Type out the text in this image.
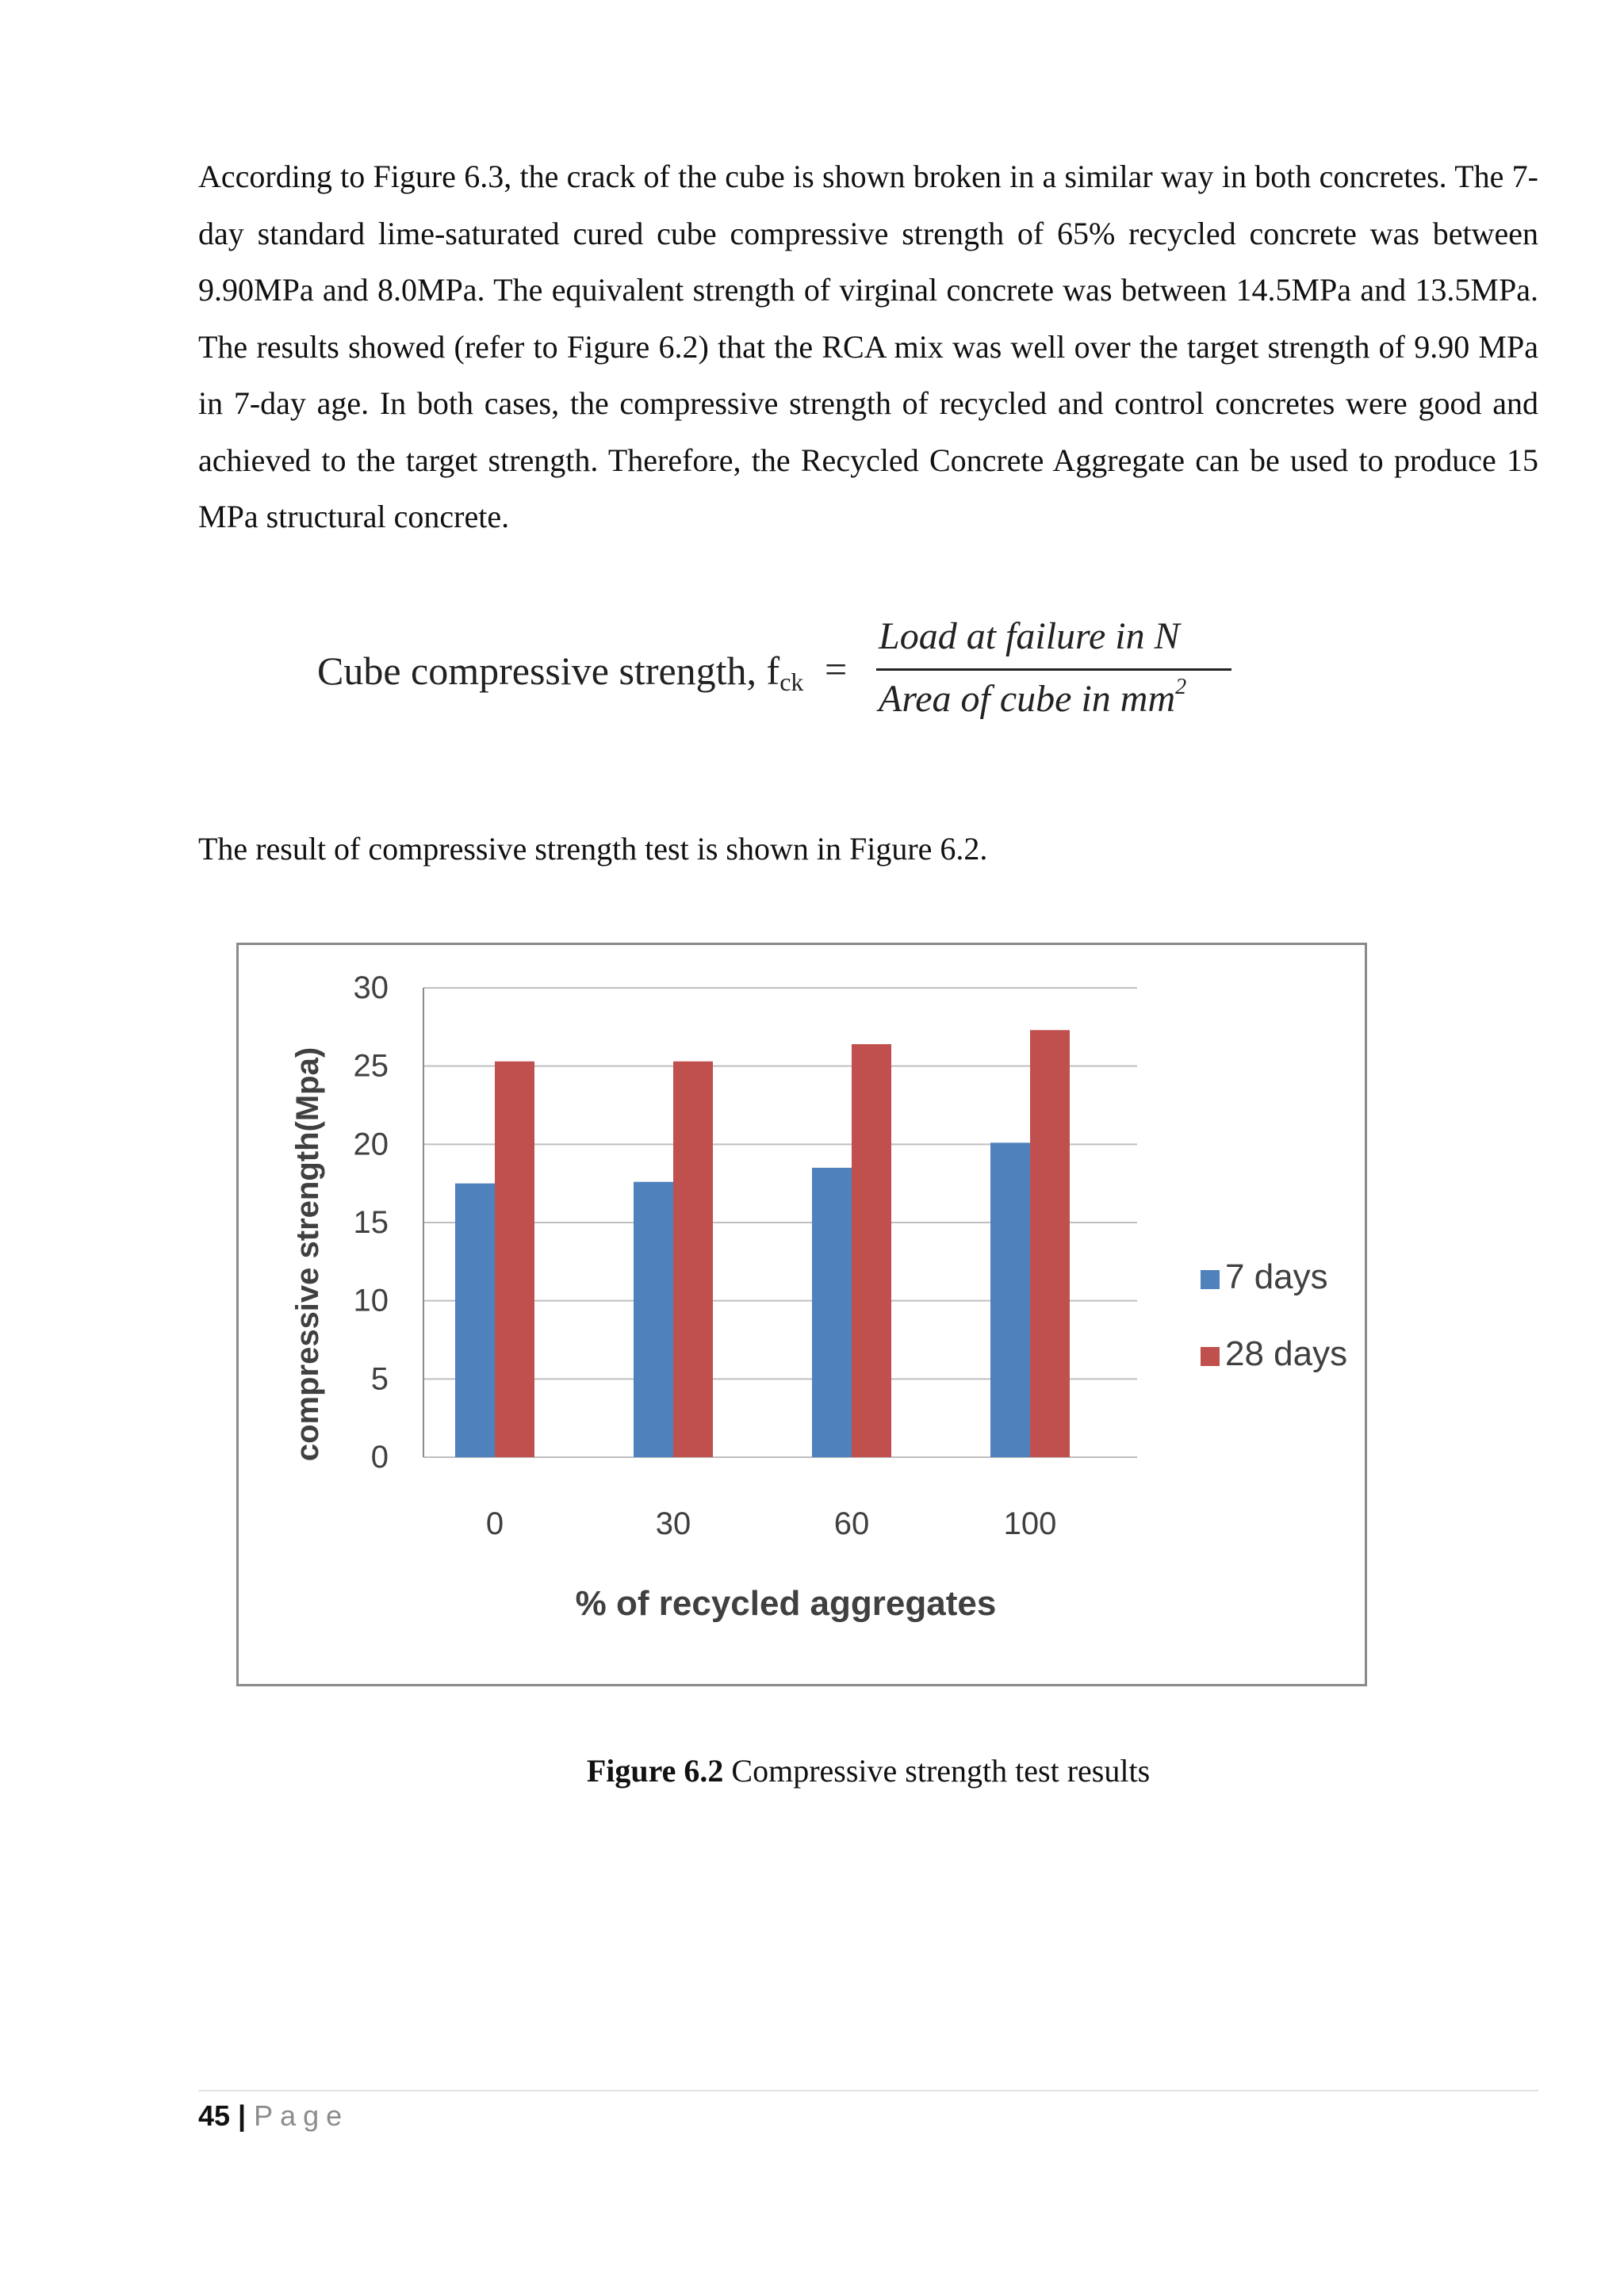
According to Figure 6.3, the crack of the cube is shown broken in a similar way in both concretes. The 7-day standard lime-saturated cured cube compressive strength of 65% recycled concrete was between 9.90MPa and 8.0MPa. The equivalent strength of virginal concrete was between 14.5MPa and 13.5MPa. The results showed (refer to Figure 6.2) that the RCA mix was well over the target strength of 9.90 MPa in 7-day age. In both cases, the compressive strength of recycled and control concretes were good and achieved to the target strength. Therefore, the Recycled Concrete Aggregate can be used to produce 15 MPa structural concrete.

Cube compressive strength, $f_{ck}$ =
Load at failure in N
Area of cube in $mm^2$

The result of compressive strength test is shown in Figure 6.2.

0
5
10
15
20
25
30
0	30	60	100
% of recycled aggregates
compressive strength(Mpa)	7 days
28 days

Figure 6.2 Compressive strength test results

45 | Page
